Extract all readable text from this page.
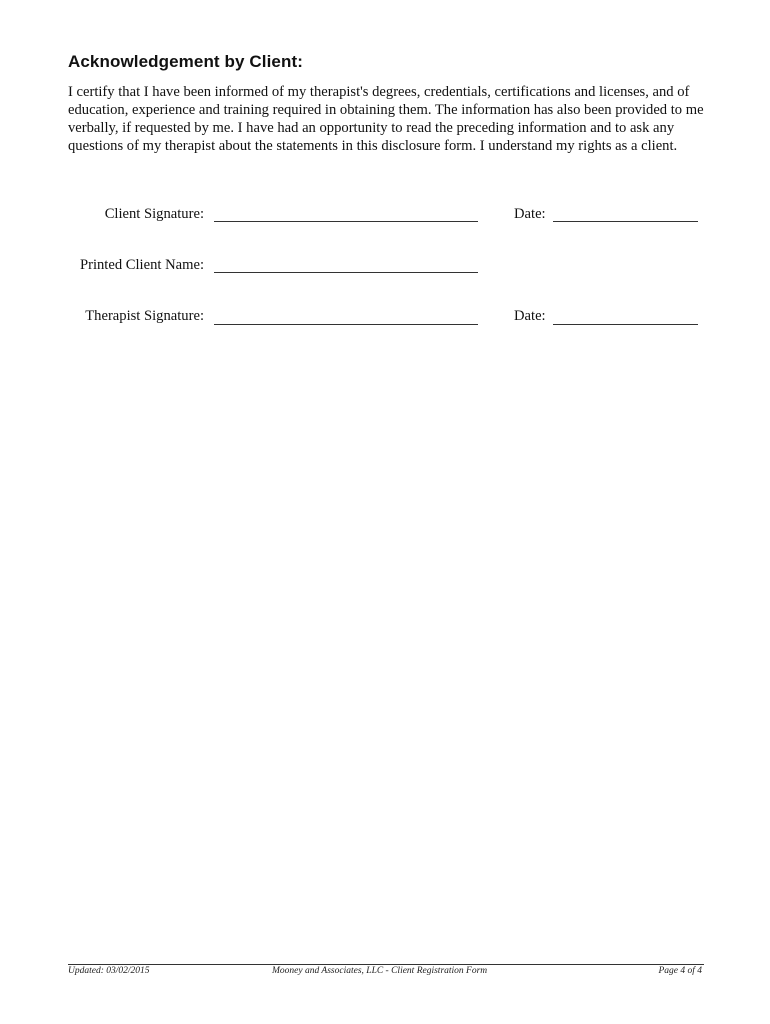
Acknowledgement by Client:

I certify that I have been informed of my therapist's degrees, credentials, certifications and licenses, and of education, experience and training required in obtaining them. The information has also been provided to me verbally, if requested by me. I have had an opportunity to read the preceding information and to ask any questions of my therapist about the statements in this disclosure form. I understand my rights as a client.

Client Signature:	Date:
Printed Client Name:
Therapist Signature:	Date:
Updated: 03/02/2015	Mooney and Associates, LLC - Client Registration Form	Page 4 of 4
